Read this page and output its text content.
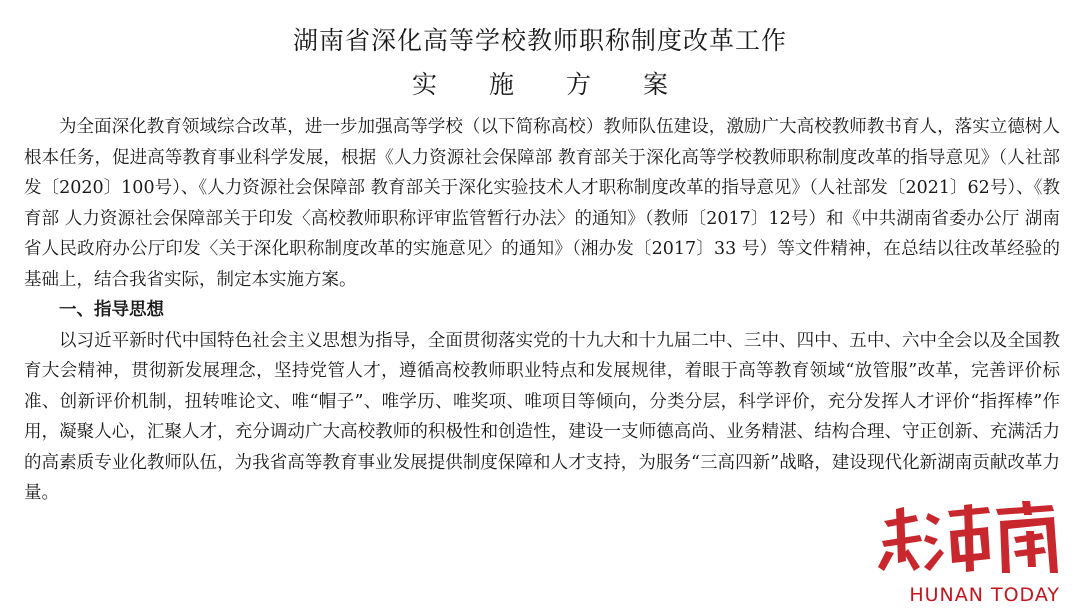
湖南省深化高等学校教师职称制度改革工作
实施方案

为全面深化教育领域综合改革，进一步加强高等学校（以下简称高校）教师队伍建设，激励广大高校教师教书育人，落实立德树人根本任务，促进高等教育事业科学发展，根据《人力资源社会保障部 教育部关于深化高等学校教师职称制度改革的指导意见》（人社部发〔2020〕100号）、《人力资源社会保障部 教育部关于深化实验技术人才职称制度改革的指导意见》（人社部发〔2021〕62号）、《教育部 人力资源社会保障部关于印发〈高校教师职称评审监管暂行办法〉的通知》（教师〔2017〕12号）和《中共湖南省委办公厅 湖南省人民政府办公厅印发〈关于深化职称制度改革的实施意见〉的通知》（湘办发〔2017〕33 号）等文件精神，在总结以往改革经验的基础上，结合我省实际，制定本实施方案。

一、指导思想

以习近平新时代中国特色社会主义思想为指导，全面贯彻落实党的十九大和十九届二中、三中、四中、五中、六中全会以及全国教育大会精神，贯彻新发展理念，坚持党管人才，遵循高校教师职业特点和发展规律，着眼于高等教育领域“放管服”改革，完善评价标准、创新评价机制，扭转唯论文、唯“帽子”、唯学历、唯奖项、唯项目等倾向，分类分层，科学评价，充分发挥人才评价“指挥棒”作用，凝聚人心，汇聚人才，充分调动广大高校教师的积极性和创造性，建设一支师德高尚、业务精湛、结构合理、守正创新、充满活力的高素质专业化教师队伍，为我省高等教育事业发展提供制度保障和人才支持，为服务“三高四新”战略，建设现代化新湖南贡献改革力量。

HUNAN TODAY
